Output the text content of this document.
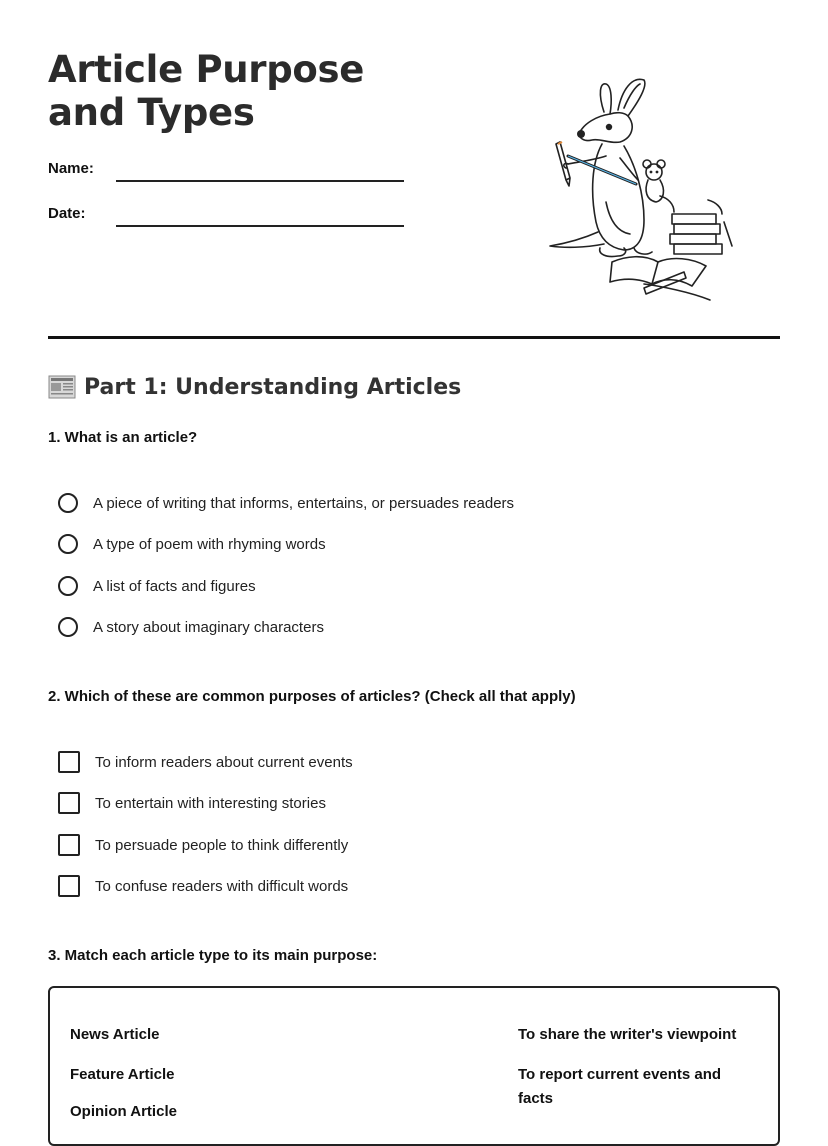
Article Purpose and Types
Name:
Date:
Part 1: Understanding Articles
1. What is an article?
A piece of writing that informs, entertains, or persuades readers
A type of poem with rhyming words
A list of facts and figures
A story about imaginary characters
2. Which of these are common purposes of articles? (Check all that apply)
To inform readers about current events
To entertain with interesting stories
To persuade people to think differently
To confuse readers with difficult words
3. Match each article type to its main purpose:
News Article
Feature Article
Opinion Article
To share the writer's viewpoint
To report current events and facts
